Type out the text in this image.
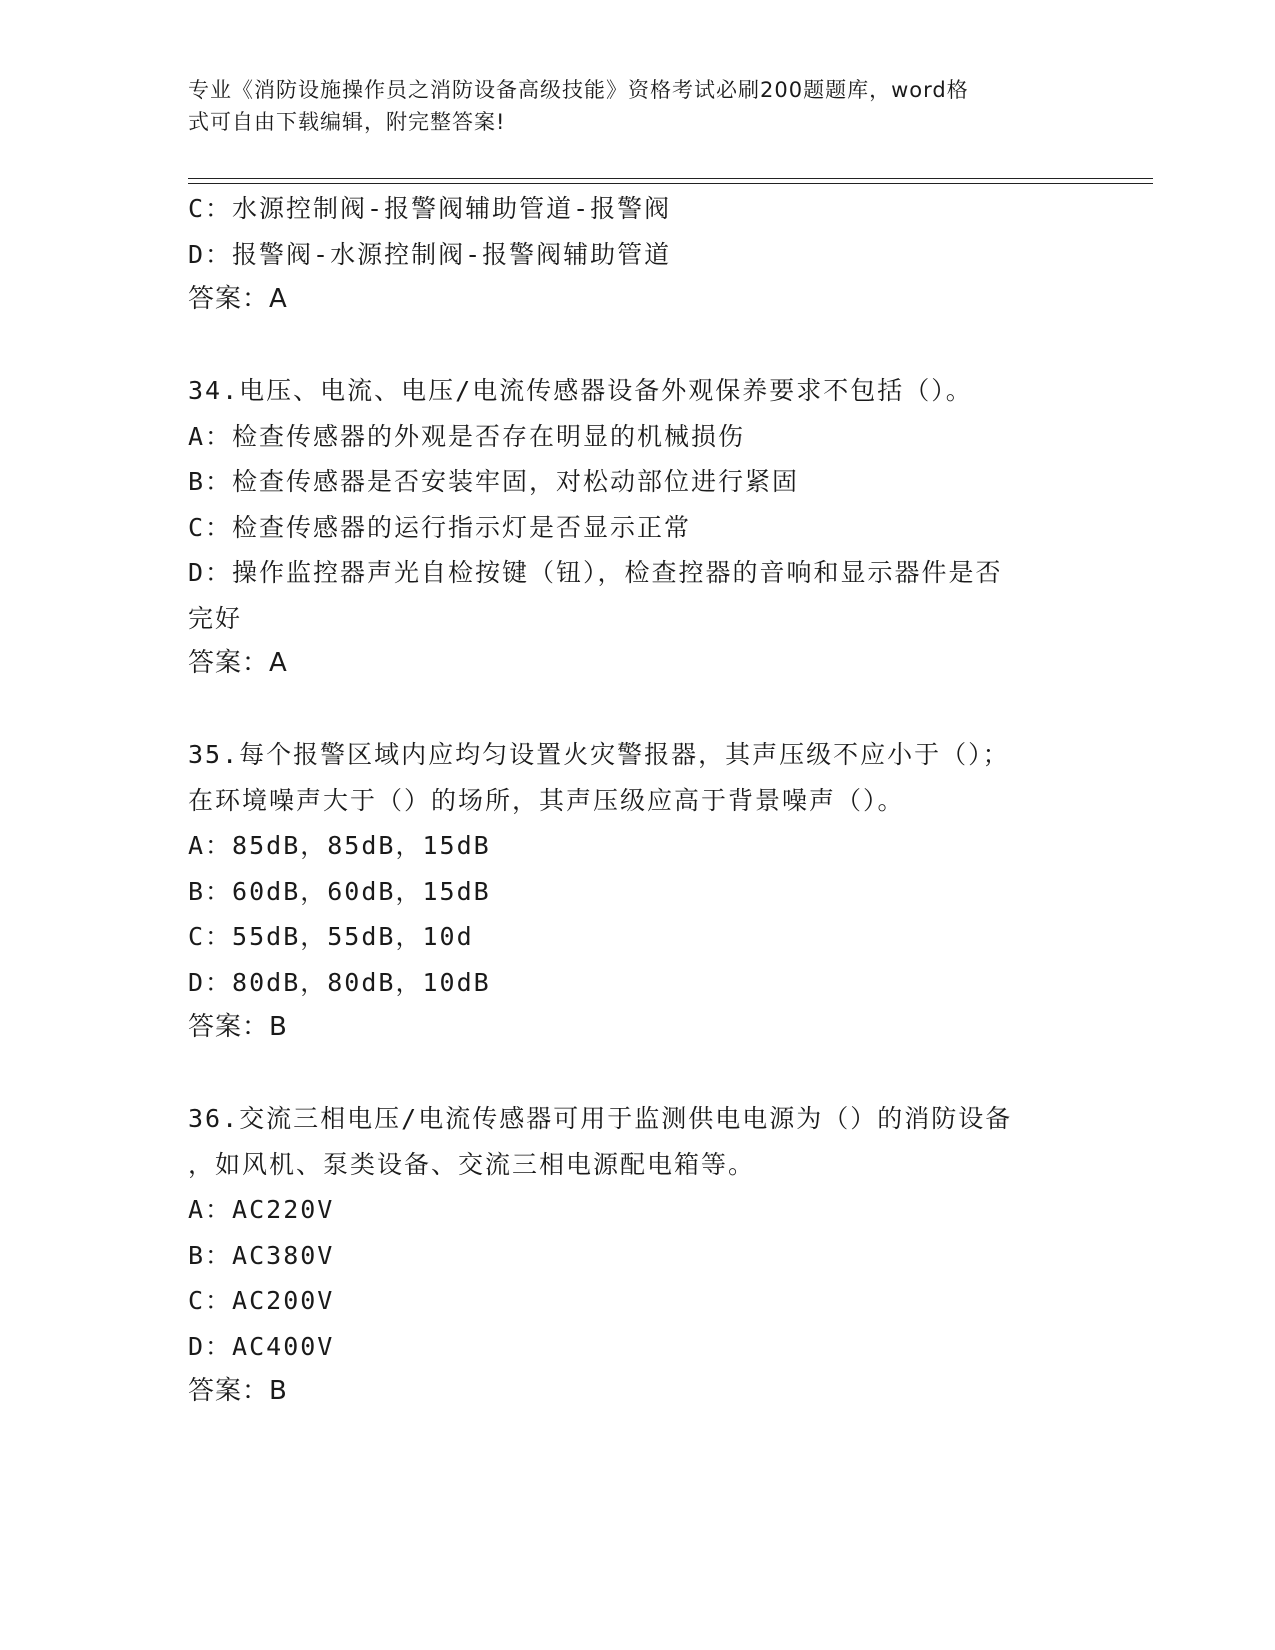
专业《消防设施操作员之消防设备高级技能》资格考试必刷200题题库，word格
式可自由下载编辑，附完整答案!
C：水源控制阀-报警阀辅助管道-报警阀
D：报警阀-水源控制阀-报警阀辅助管道
答案：A
34.电压、电流、电压/电流传感器设备外观保养要求不包括（）。
A：检查传感器的外观是否存在明显的机械损伤
B：检查传感器是否安装牢固，对松动部位进行紧固
C：检查传感器的运行指示灯是否显示正常
D：操作监控器声光自检按键（钮），检查控器的音响和显示器件是否
完好
答案：A
35.每个报警区域内应均匀设置火灾警报器，其声压级不应小于（）；
在环境噪声大于（）的场所，其声压级应高于背景噪声（）。
A：85dB，85dB，15dB
B：60dB，60dB，15dB
C：55dB，55dB，10d
D：80dB，80dB，10dB
答案：B
36.交流三相电压/电流传感器可用于监测供电电源为（）的消防设备
，如风机、泵类设备、交流三相电源配电箱等。
A：AC220V
B：AC380V
C：AC200V
D：AC400V
答案：B
